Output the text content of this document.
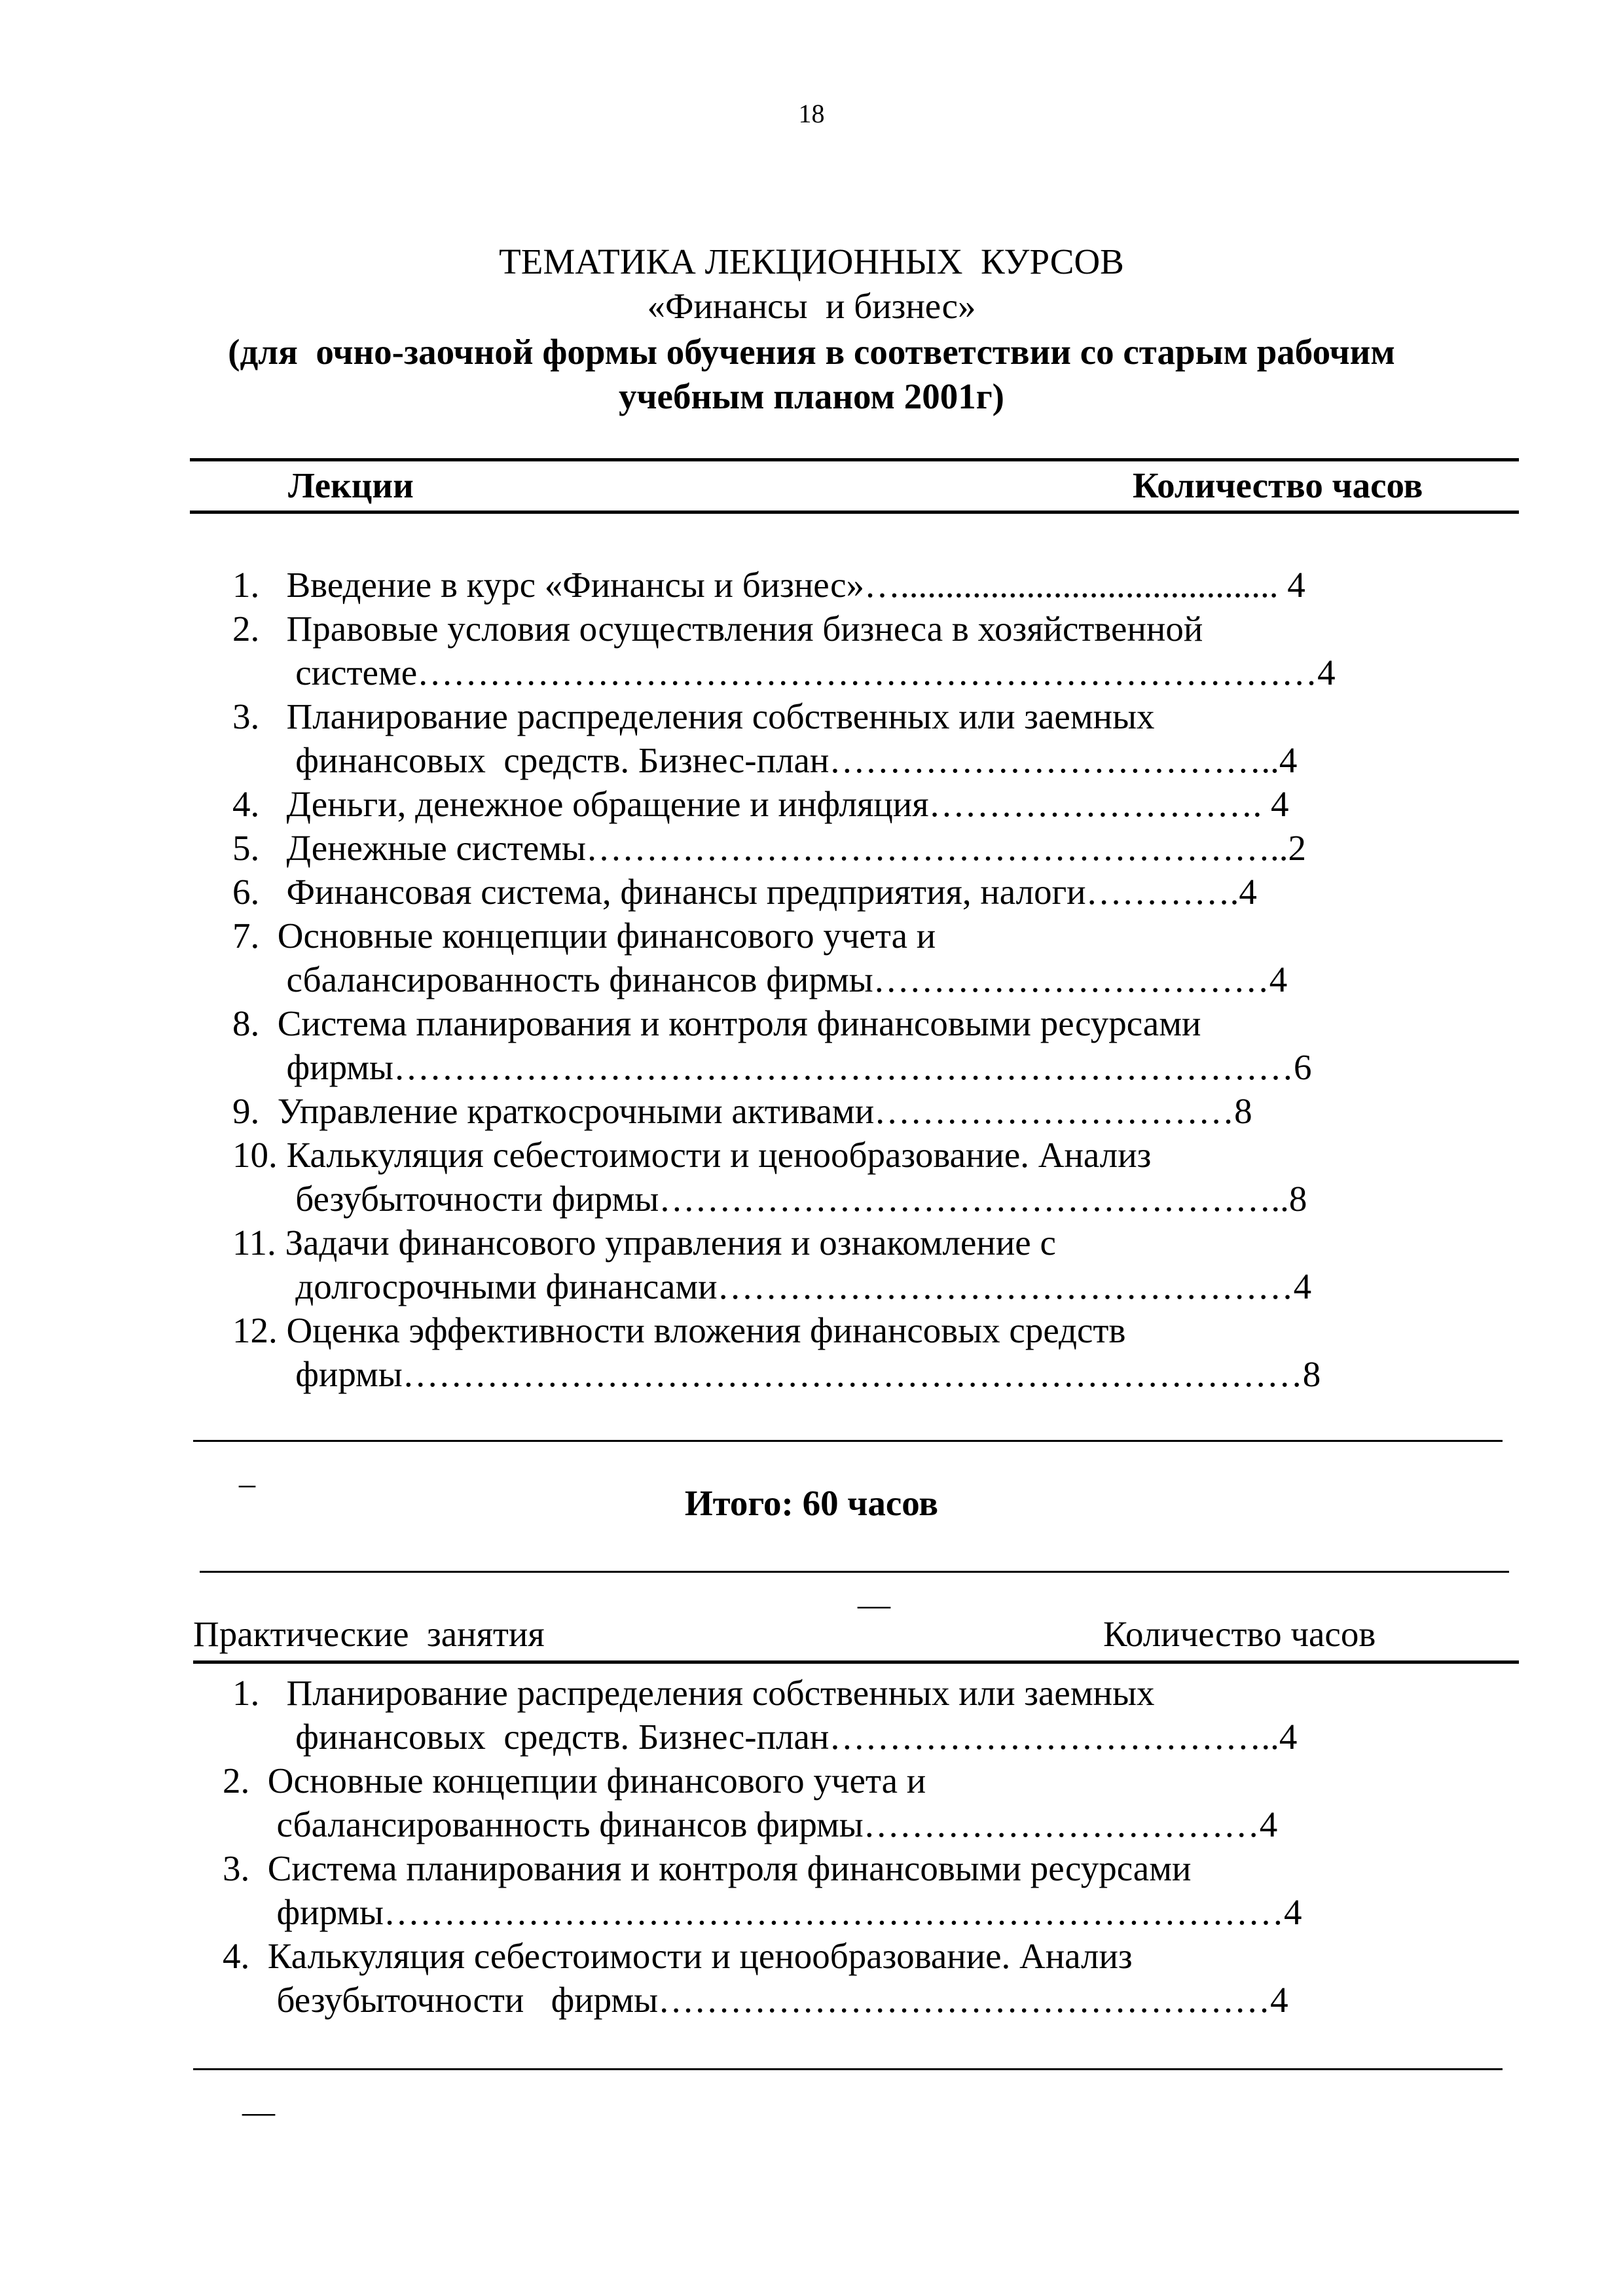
18
ТЕМАТИКА ЛЕКЦИОННЫХ  КУРСОВ
«Финансы  и бизнес»
(для  очно-заочной формы обучения в соответствии со старым рабочим
учебным планом 2001г)
Лекции	Количество часов
1.   Введение в курс «Финансы и бизнес»….......................................... 4
2.   Правовые условия осуществления бизнеса в хозяйственной
системе…………………………………………………………………4
3.   Планирование распределения собственных или заемных
финансовых  средств. Бизнес-план………………………………..4
4.   Деньги, денежное обращение и инфляция………………………. 4
5.   Денежные системы…………………………………………………..2
6.   Финансовая система, финансы предприятия, налоги………….4
7.  Основные концепции финансового учета и
сбалансированность финансов фирмы……………………………4
8.  Система планирования и контроля финансовыми ресурсами
фирмы…………………………………………………………………6
9.  Управление краткосрочными активами…………………………8
10. Калькуляция себестоимости и ценообразование. Анализ
безубыточности фирмы……………………………………………..8
11. Задачи финансового управления и ознакомление с
долгосрочными финансами…………………………………………4
12. Оценка эффективности вложения финансовых средств
фирмы…………………………………………………………………8
_
Итого: 60 часов
__
Практические  занятия	Количество часов
1.   Планирование распределения собственных или заемных
финансовых  средств. Бизнес-план………………………………..4
2.  Основные концепции финансового учета и
сбалансированность финансов фирмы……………………………4
3.  Система планирования и контроля финансовыми ресурсами
фирмы…………………………………………………………………4
4.  Калькуляция себестоимости и ценообразование. Анализ
безубыточности   фирмы……………………………………………4
__
